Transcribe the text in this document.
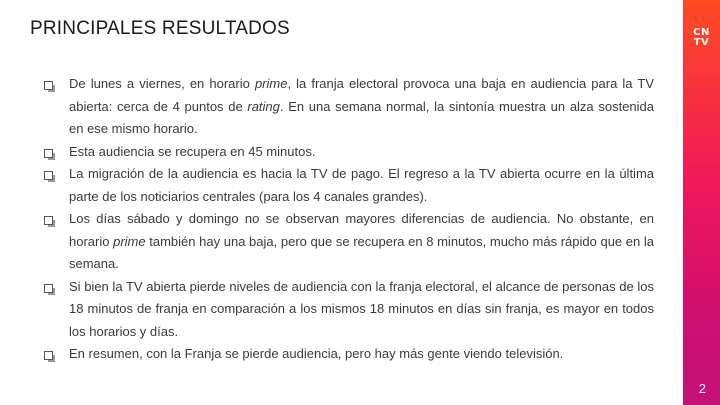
PRINCIPALES RESULTADOS
De lunes a viernes, en horario prime, la franja electoral provoca una baja en audiencia para la TV abierta: cerca de 4 puntos de rating. En una semana normal, la sintonía muestra un alza sostenida en ese mismo horario.
Esta audiencia se recupera en 45 minutos.
La migración de la audiencia es hacia la TV de pago. El regreso a la TV abierta ocurre en la última parte de los noticiarios centrales (para los 4 canales grandes).
Los días sábado y domingo no se observan mayores diferencias de audiencia. No obstante, en horario prime también hay una baja, pero que se recupera en 8 minutos, mucho más rápido que en la semana.
Si bien la TV abierta pierde niveles de audiencia con la franja electoral, el alcance de personas de los 18 minutos de franja en comparación a los mismos 18 minutos en días sin franja, es mayor en todos los horarios y días.
En resumen, con la Franja se pierde audiencia, pero hay más gente viendo televisión.
CN
TV
2
